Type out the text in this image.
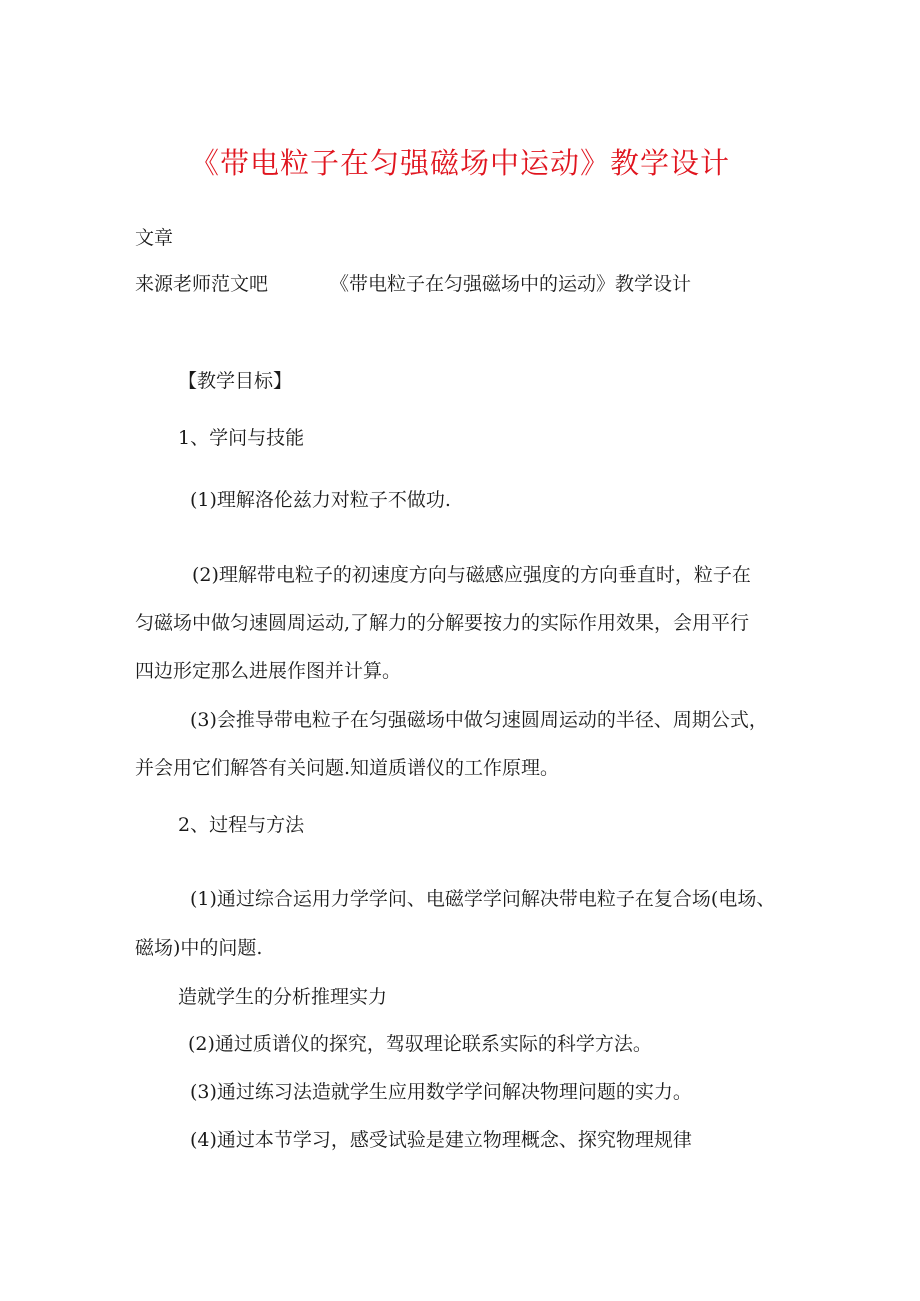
《带电粒子在匀强磁场中运动》教学设计
文章
来源老师范文吧	《带电粒子在匀强磁场中的运动》教学设计
【教学目标】
1、学问与技能
(1)理解洛伦兹力对粒子不做功.
(2)理解带电粒子的初速度方向与磁感应强度的方向垂直时，粒子在
匀磁场中做匀速圆周运动,了解力的分解要按力的实际作用效果，会用平行
四边形定那么进展作图并计算。
(3)会推导带电粒子在匀强磁场中做匀速圆周运动的半径、周期公式，
并会用它们解答有关问题.知道质谱仪的工作原理。
2、过程与方法
(1)通过综合运用力学学问、电磁学学问解决带电粒子在复合场(电场、
磁场)中的问题.
造就学生的分析推理实力
(2)通过质谱仪的探究，驾驭理论联系实际的科学方法。
(3)通过练习法造就学生应用数学学问解决物理问题的实力。
(4)通过本节学习，感受试验是建立物理概念、探究物理规律
